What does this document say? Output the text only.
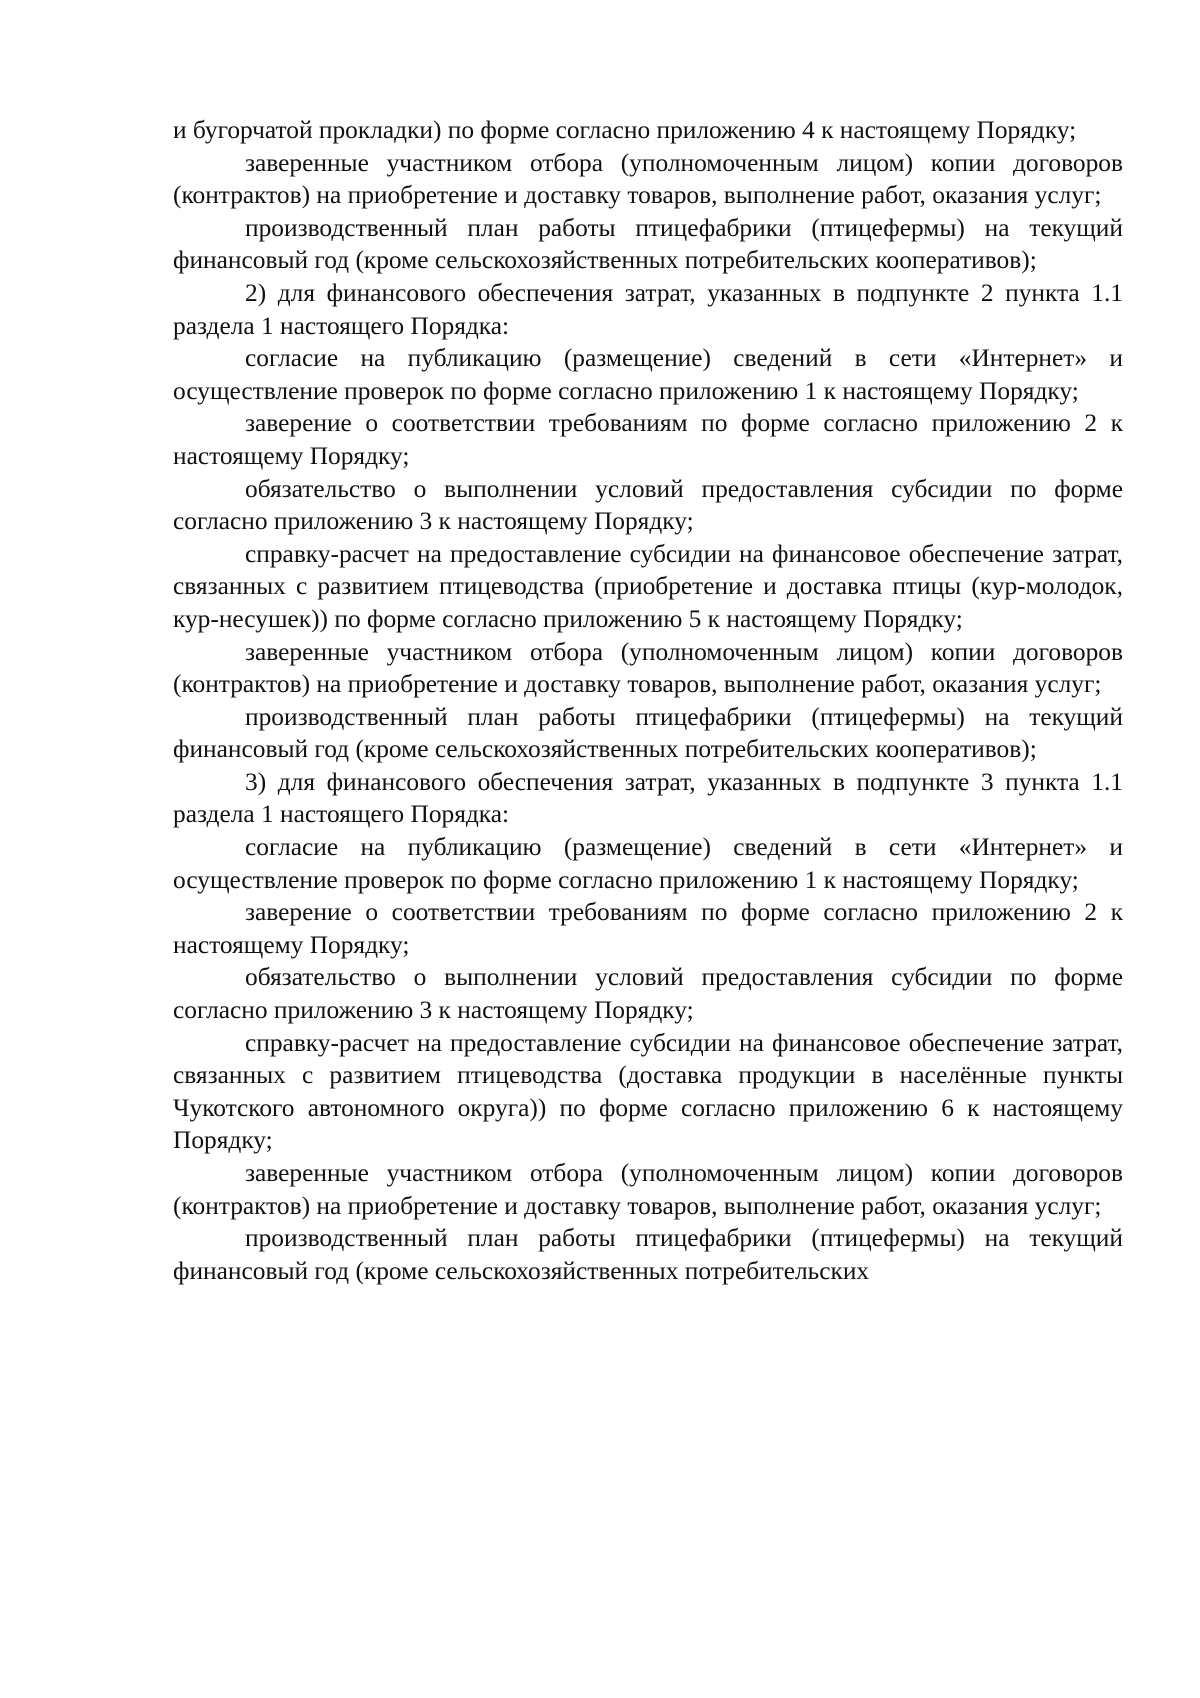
и бугорчатой прокладки) по форме согласно приложению 4 к настоящему Порядку;

заверенные участником отбора (уполномоченным лицом) копии договоров (контрактов) на приобретение и доставку товаров, выполнение работ, оказания услуг;

производственный план работы птицефабрики (птицефермы) на текущий финансовый год (кроме сельскохозяйственных потребительских кооперативов);

2) для финансового обеспечения затрат, указанных в подпункте 2 пункта 1.1 раздела 1 настоящего Порядка:

согласие на публикацию (размещение) сведений в сети «Интернет» и осуществление проверок по форме согласно приложению 1 к настоящему Порядку;

заверение о соответствии требованиям по форме согласно приложению 2 к настоящему Порядку;

обязательство о выполнении условий предоставления субсидии по форме согласно приложению 3 к настоящему Порядку;

справку-расчет на предоставление субсидии на финансовое обеспечение затрат, связанных с развитием птицеводства (приобретение и доставка птицы (кур-молодок, кур-несушек)) по форме согласно приложению 5 к настоящему Порядку;

заверенные участником отбора (уполномоченным лицом) копии договоров (контрактов) на приобретение и доставку товаров, выполнение работ, оказания услуг;

производственный план работы птицефабрики (птицефермы) на текущий финансовый год (кроме сельскохозяйственных потребительских кооперативов);

3) для финансового обеспечения затрат, указанных в подпункте 3 пункта 1.1 раздела 1 настоящего Порядка:

согласие на публикацию (размещение) сведений в сети «Интернет» и осуществление проверок по форме согласно приложению 1 к настоящему Порядку;

заверение о соответствии требованиям по форме согласно приложению 2 к настоящему Порядку;

обязательство о выполнении условий предоставления субсидии по форме согласно приложению 3 к настоящему Порядку;

справку-расчет на предоставление субсидии на финансовое обеспечение затрат, связанных с развитием птицеводства (доставка продукции в населённые пункты Чукотского автономного округа)) по форме согласно приложению 6 к настоящему Порядку;

заверенные участником отбора (уполномоченным лицом) копии договоров (контрактов) на приобретение и доставку товаров, выполнение работ, оказания услуг;

производственный план работы птицефабрики (птицефермы) на текущий финансовый год (кроме сельскохозяйственных потребительских
